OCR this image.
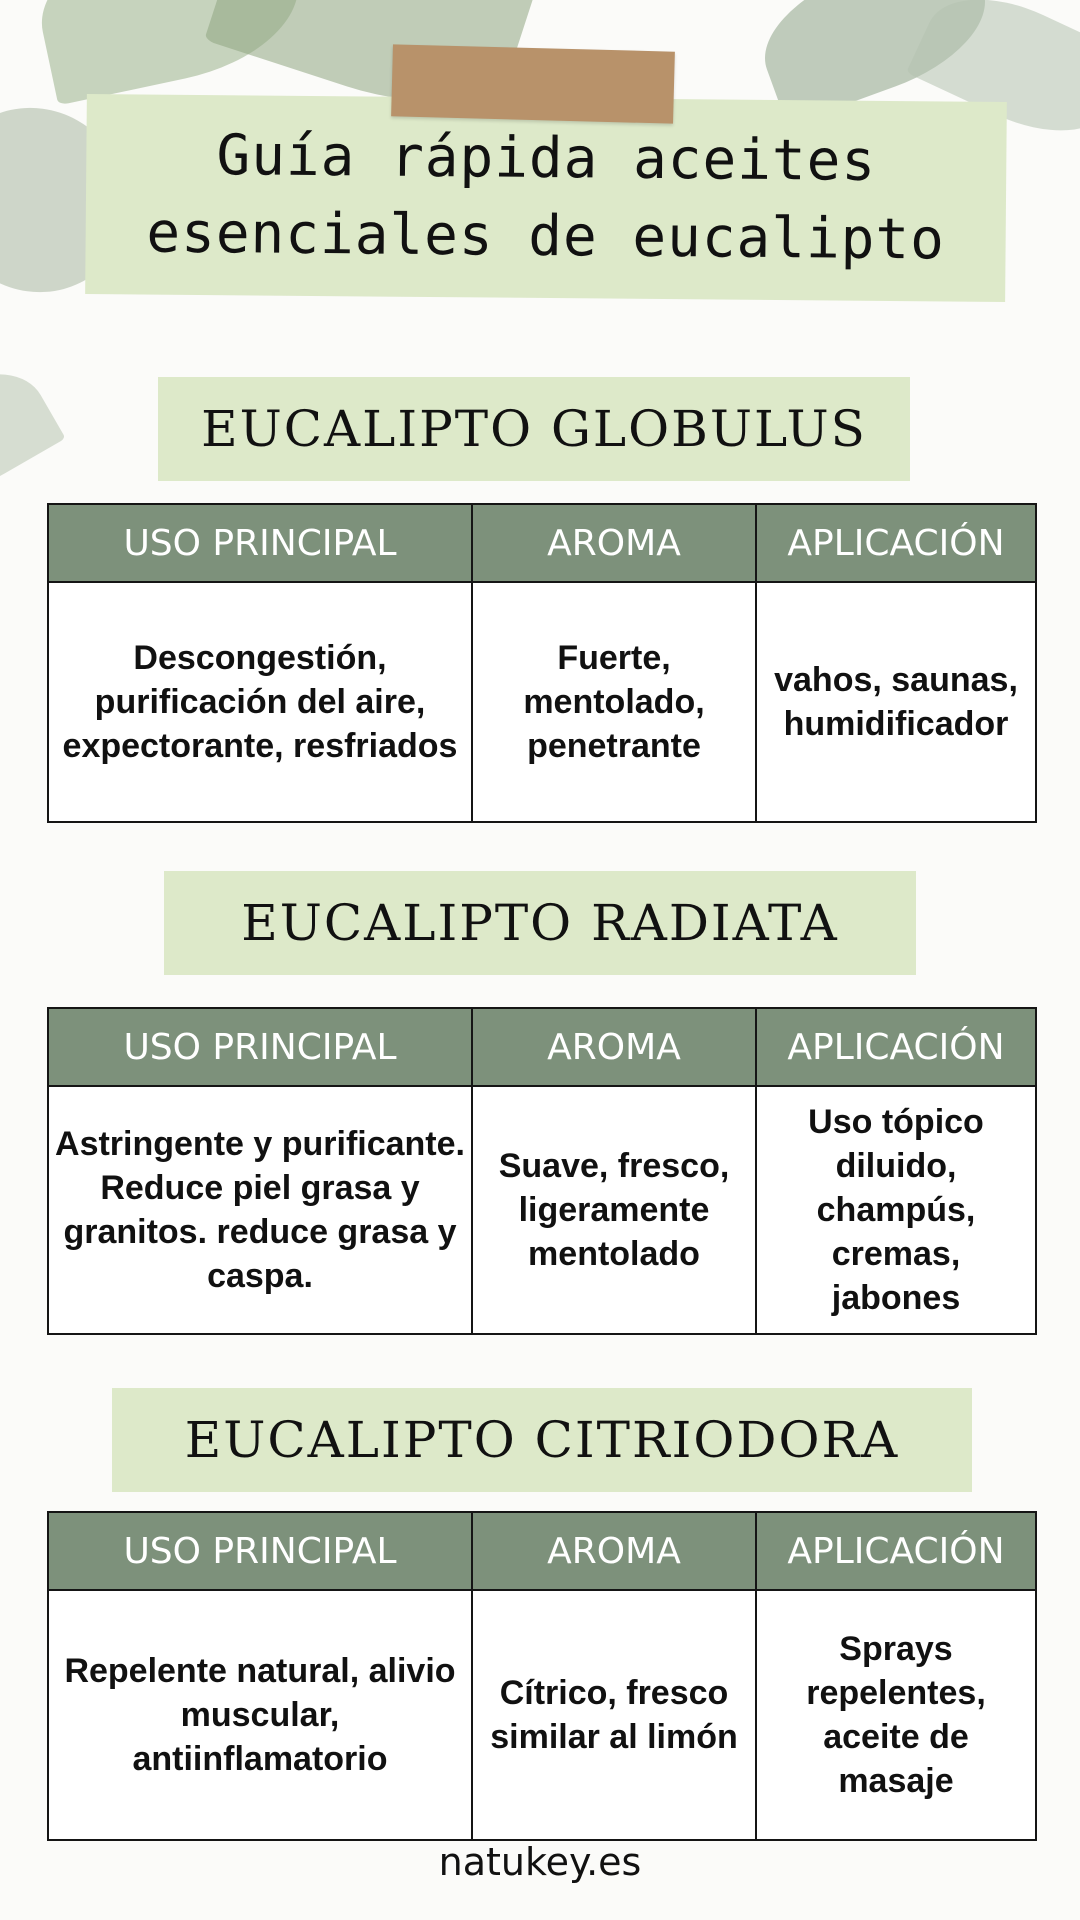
Guía rápida aceites
esenciales de eucalipto
EUCALIPTO GLOBULUS
USO PRINCIPAL	AROMA	APLICACIÓN
Descongestión, purificación del aire, expectorante, resfriados	Fuerte, mentolado, penetrante	vahos, saunas, humidificador
EUCALIPTO RADIATA
USO PRINCIPAL	AROMA	APLICACIÓN
Astringente y purificante. Reduce piel grasa y granitos. reduce grasa y caspa.	Suave, fresco, ligeramente mentolado	Uso tópico diluido, champús, cremas, jabones
EUCALIPTO CITRIODORA
USO PRINCIPAL	AROMA	APLICACIÓN
Repelente natural, alivio muscular, antiinflamatorio	Cítrico, fresco similar al limón	Sprays repelentes, aceite de masaje
natukey.es
